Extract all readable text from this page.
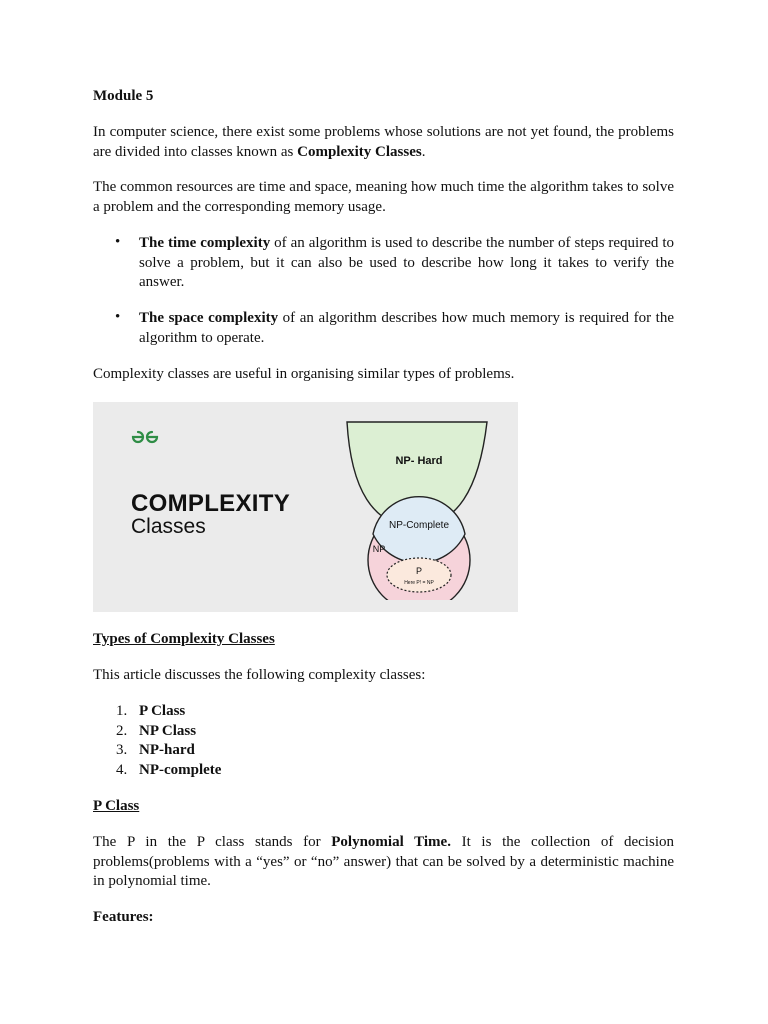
Module 5
In computer science, there exist some problems whose solutions are not yet found, the problems are divided into classes known as Complexity Classes.
The common resources are time and space, meaning how much time the algorithm takes to solve a problem and the corresponding memory usage.
• The time complexity of an algorithm is used to describe the number of steps required to solve a problem, but it can also be used to describe how long it takes to verify the answer.
• The space complexity of an algorithm describes how much memory is required for the algorithm to operate.
Complexity classes are useful in organising similar types of problems.
COMPLEXITY
Classes
NP- Hard
NP-Complete
NP
P
Here P! = NP
Types of Complexity Classes
This article discusses the following complexity classes:
1. P Class
2. NP Class
3. NP-hard
4. NP-complete
P Class
The P in the P class stands for Polynomial Time. It is the collection of decision problems(problems with a “yes” or “no” answer) that can be solved by a deterministic machine in polynomial time.
Features:
